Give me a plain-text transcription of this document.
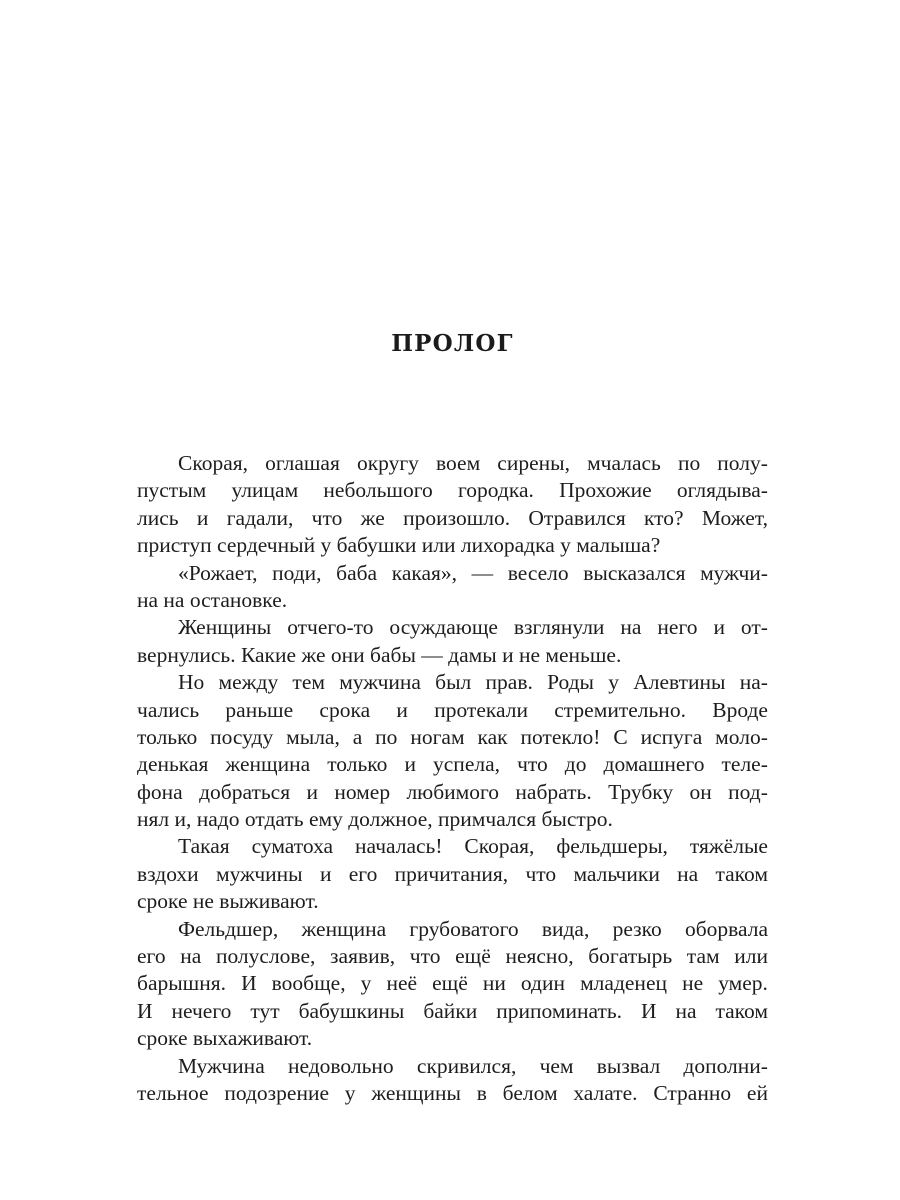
ПРОЛОГ
Скорая, оглашая округу воем сирены, мчалась по полу-
пустым улицам небольшого городка. Прохожие оглядыва-
лись и гадали, что же произошло. Отравился кто? Может,
приступ сердечный у бабушки или лихорадка у малыша?
«Рожает, поди, баба какая», — весело высказался мужчи-
на на остановке.
Женщины отчего-то осуждающе взглянули на него и от-
вернулись. Какие же они бабы — дамы и не меньше.
Но между тем мужчина был прав. Роды у Алевтины на-
чались раньше срока и протекали стремительно. Вроде
только посуду мыла, а по ногам как потекло! С испуга моло-
денькая женщина только и успела, что до домашнего теле-
фона добраться и номер любимого набрать. Трубку он под-
нял и, надо отдать ему должное, примчался быстро.
Такая суматоха началась! Скорая, фельдшеры, тяжёлые
вздохи мужчины и его причитания, что мальчики на таком
сроке не выживают.
Фельдшер, женщина грубоватого вида, резко оборвала
его на полуслове, заявив, что ещё неясно, богатырь там или
барышня. И вообще, у неё ещё ни один младенец не умер.
И нечего тут бабушкины байки припоминать. И на таком
сроке выхаживают.
Мужчина недовольно скривился, чем вызвал дополни-
тельное подозрение у женщины в белом халате. Странно ей
